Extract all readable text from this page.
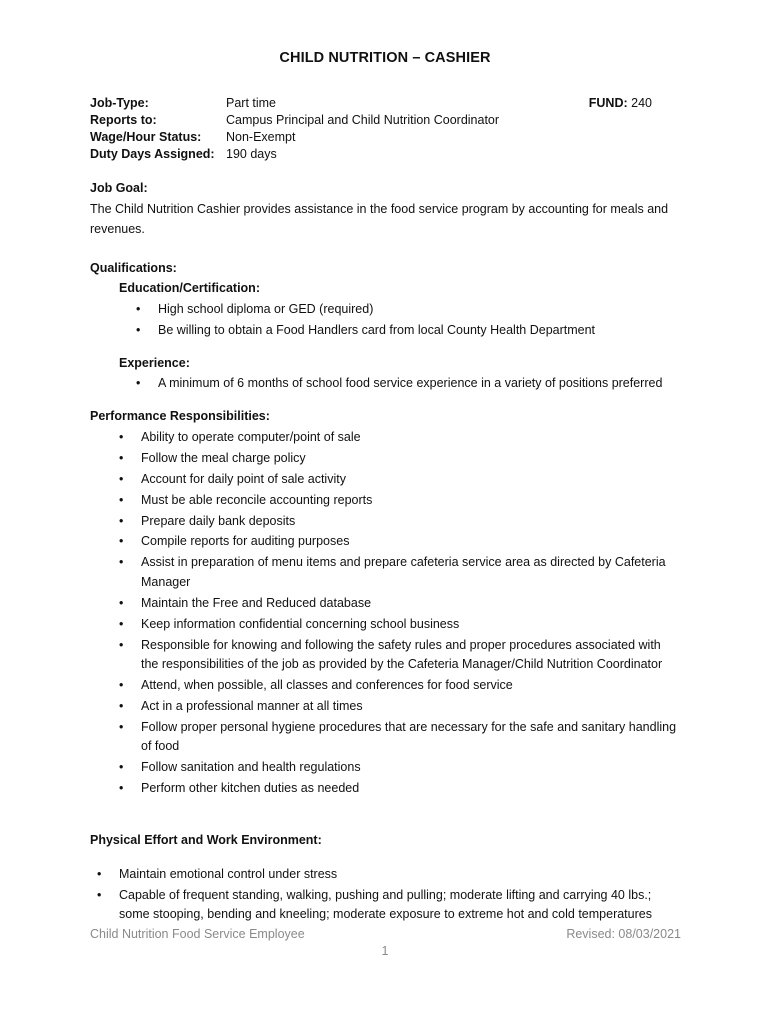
CHILD NUTRITION – CASHIER
Job-Type:	Part time	FUND: 240
Reports to:	Campus Principal and Child Nutrition Coordinator
Wage/Hour Status: Non-Exempt
Duty Days Assigned: 190 days
Job Goal:
The Child Nutrition Cashier provides assistance in the food service program by accounting for meals and revenues.
Qualifications:
Education/Certification:
• High school diploma or GED (required)
• Be willing to obtain a Food Handlers card from local County Health Department
Experience:
• A minimum of 6 months of school food service experience in a variety of positions preferred
Performance Responsibilities:
• Ability to operate computer/point of sale
• Follow the meal charge policy
• Account for daily point of sale activity
• Must be able reconcile accounting reports
• Prepare daily bank deposits
• Compile reports for auditing purposes
• Assist in preparation of menu items and prepare cafeteria service area as directed by Cafeteria Manager
• Maintain the Free and Reduced database
• Keep information confidential concerning school business
• Responsible for knowing and following the safety rules and proper procedures associated with the responsibilities of the job as provided by the Cafeteria Manager/Child Nutrition Coordinator
• Attend, when possible, all classes and conferences for food service
• Act in a professional manner at all times
• Follow proper personal hygiene procedures that are necessary for the safe and sanitary handling of food
• Follow sanitation and health regulations
• Perform other kitchen duties as needed
Physical Effort and Work Environment:
• Maintain emotional control under stress
• Capable of frequent standing, walking, pushing and pulling; moderate lifting and carrying 40 lbs.; some stooping, bending and kneeling; moderate exposure to extreme hot and cold temperatures
Child Nutrition Food Service Employee	Revised: 08/03/2021
1
